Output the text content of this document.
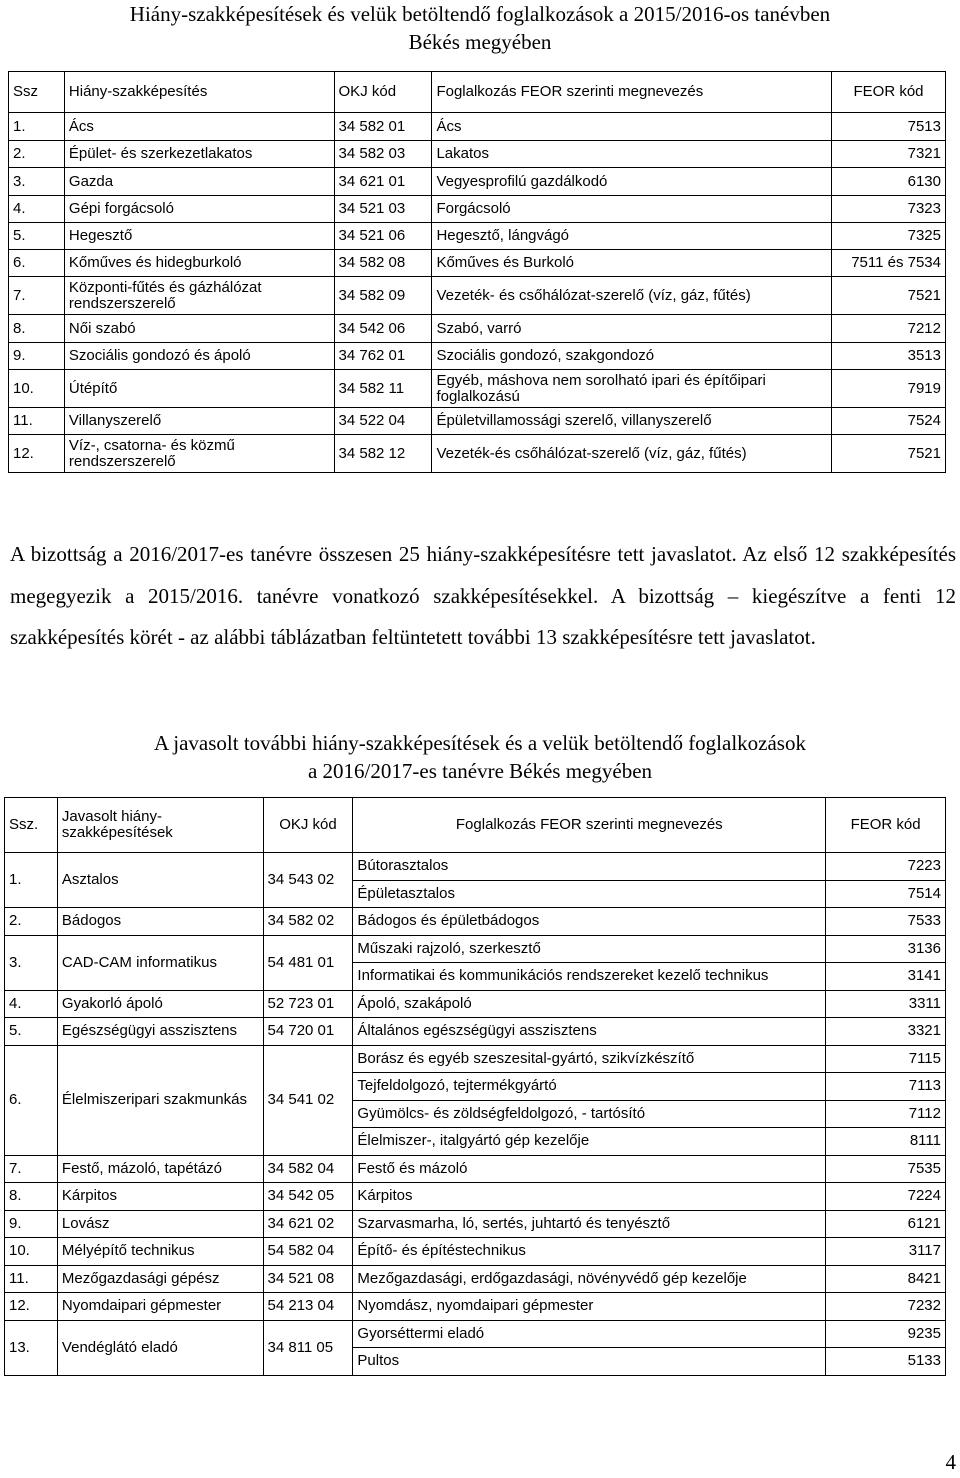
Hiány-szakképesítések és velük betöltendő foglalkozások a 2015/2016-os tanévben
Békés megyében
Ssz	Hiány-szakképesítés	OKJ kód	Foglalkozás FEOR szerinti megnevezés	FEOR kód
1.	Ács	34 582 01	Ács	7513
2.	Épület- és szerkezetlakatos	34 582 03	Lakatos	7321
3.	Gazda	34 621 01	Vegyesprofilú gazdálkodó	6130
4.	Gépi forgácsoló	34 521 03	Forgácsoló	7323
5.	Hegesztő	34 521 06	Hegesztő, lángvágó	7325
6.	Kőműves és hidegburkoló	34 582 08	Kőműves és Burkoló	7511 és 7534
7.	Központi-fűtés és gázhálózat rendszerszerelő	34 582 09	Vezeték- és csőhálózat-szerelő (víz, gáz, fűtés)	7521
8.	Női szabó	34 542 06	Szabó, varró	7212
9.	Szociális gondozó és ápoló	34 762 01	Szociális gondozó, szakgondozó	3513
10.	Útépítő	34 582 11	Egyéb, máshova nem sorolható ipari és építőipari foglalkozású	7919
11.	Villanyszerelő	34 522 04	Épületvillamossági szerelő, villanyszerelő	7524
12.	Víz-, csatorna- és közmű rendszerszerelő	34 582 12	Vezeték-és csőhálózat-szerelő (víz, gáz, fűtés)	7521

A bizottság a 2016/2017-es tanévre összesen 25 hiány-szakképesítésre tett javaslatot. Az első 12 szakképesítés megegyezik a 2015/2016. tanévre vonatkozó szakképesítésekkel. A bizottság – kiegészítve a fenti 12 szakképesítés körét - az alábbi táblázatban feltüntetett további 13 szakképesítésre tett javaslatot.

A javasolt további hiány-szakképesítések és a velük betöltendő foglalkozások
a 2016/2017-es tanévre Békés megyében
Ssz.	Javasolt hiány-szakképesítések	OKJ kód	Foglalkozás FEOR szerinti megnevezés	FEOR kód
1.	Asztalos	34 543 02	Bútorasztalos	7223
			Épületasztalos	7514
2.	Bádogos	34 582 02	Bádogos és épületbádogos	7533
3.	CAD-CAM informatikus	54 481 01	Műszaki rajzoló, szerkesztő	3136
			Informatikai és kommunikációs rendszereket kezelő technikus	3141
4.	Gyakorló ápoló	52 723 01	Ápoló, szakápoló	3311
5.	Egészségügyi asszisztens	54 720 01	Általános egészségügyi asszisztens	3321
6.	Élelmiszeripari szakmunkás	34 541 02	Borász és egyéb szeszesital-gyártó, szikvízkészítő	7115
			Tejfeldolgozó, tejtermékgyártó	7113
			Gyümölcs- és zöldségfeldolgozó, - tartósító	7112
			Élelmiszer-, italgyártó gép kezelője	8111
7.	Festő, mázoló, tapétázó	34 582 04	Festő és mázoló	7535
8.	Kárpitos	34 542 05	Kárpitos	7224
9.	Lovász	34 621 02	Szarvasmarha, ló, sertés, juhtartó és tenyésztő	6121
10.	Mélyépítő technikus	54 582 04	Építő- és építéstechnikus	3117
11.	Mezőgazdasági gépész	34 521 08	Mezőgazdasági, erdőgazdasági, növényvédő gép kezelője	8421
12.	Nyomdaipari gépmester	54 213 04	Nyomdász, nyomdaipari gépmester	7232
13.	Vendéglátó eladó	34 811 05	Gyorséttermi eladó	9235
			Pultos	5133
4
